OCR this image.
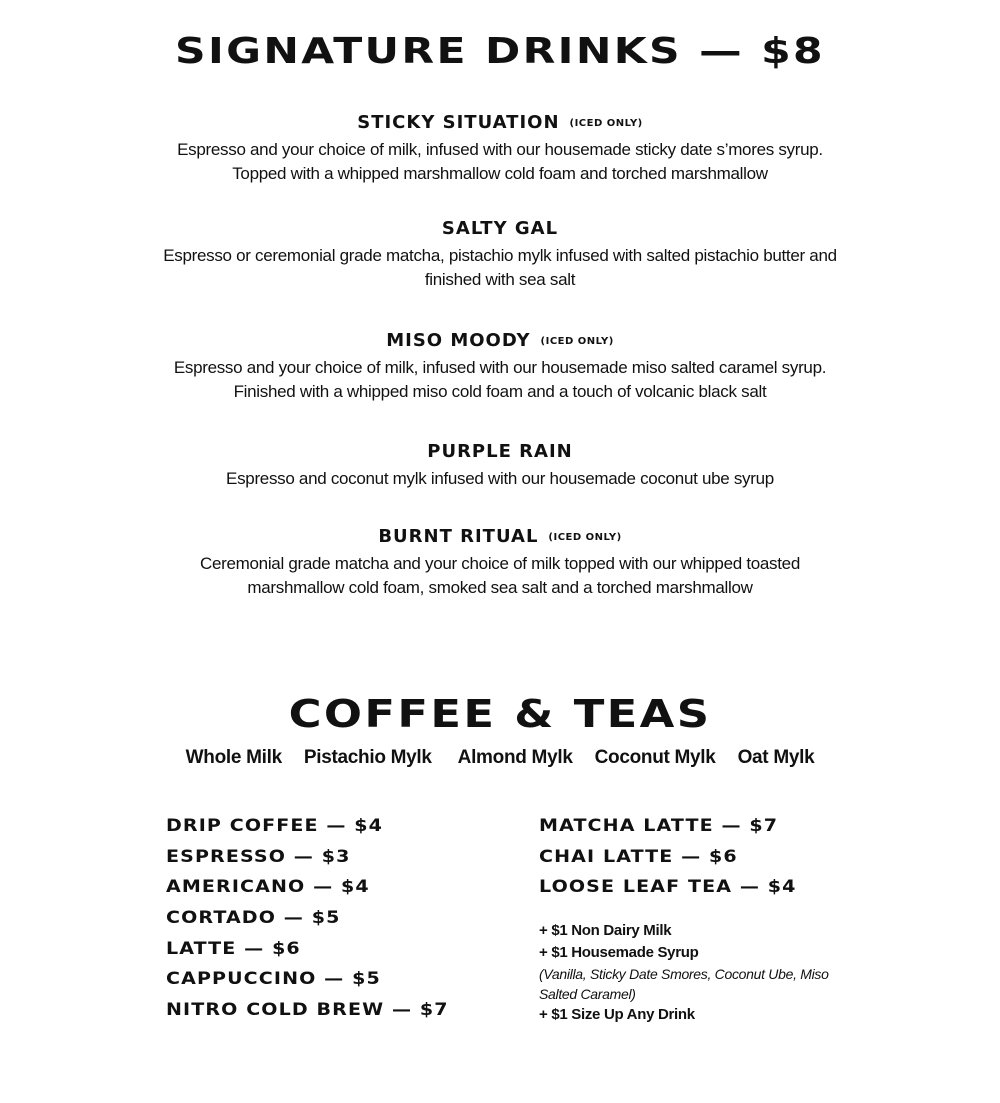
SIGNATURE DRINKS — $8
STICKY SITUATION (ICED ONLY)

Espresso and your choice of milk, infused with our housemade sticky date s’mores syrup. Topped with a whipped marshmallow cold foam and torched marshmallow

SALTY GAL

Espresso or ceremonial grade matcha, pistachio mylk infused with salted pistachio butter and finished with sea salt

MISO MOODY (ICED ONLY)

Espresso and your choice of milk, infused with our housemade miso salted caramel syrup. Finished with a whipped miso cold foam and a touch of volcanic black salt

PURPLE RAIN

Espresso and coconut mylk infused with our housemade coconut ube syrup

BURNT RITUAL (ICED ONLY)

Ceremonial grade matcha and your choice of milk topped with our whipped toasted marshmallow cold foam, smoked sea salt and a torched marshmallow

COFFEE & TEAS
Whole Milk Pistachio Mylk Almond Mylk Coconut Mylk Oat Mylk
DRIP COFFEE — $4
ESPRESSO — $3
AMERICANO — $4
CORTADO — $5
LATTE — $6
CAPPUCCINO — $5
NITRO COLD BREW — $7
MATCHA LATTE — $7
CHAI LATTE — $6
LOOSE LEAF TEA — $4
+ $1 Non Dairy Milk
+ $1 Housemade Syrup
(Vanilla, Sticky Date Smores, Coconut Ube, Miso Salted Caramel)
+ $1 Size Up Any Drink
